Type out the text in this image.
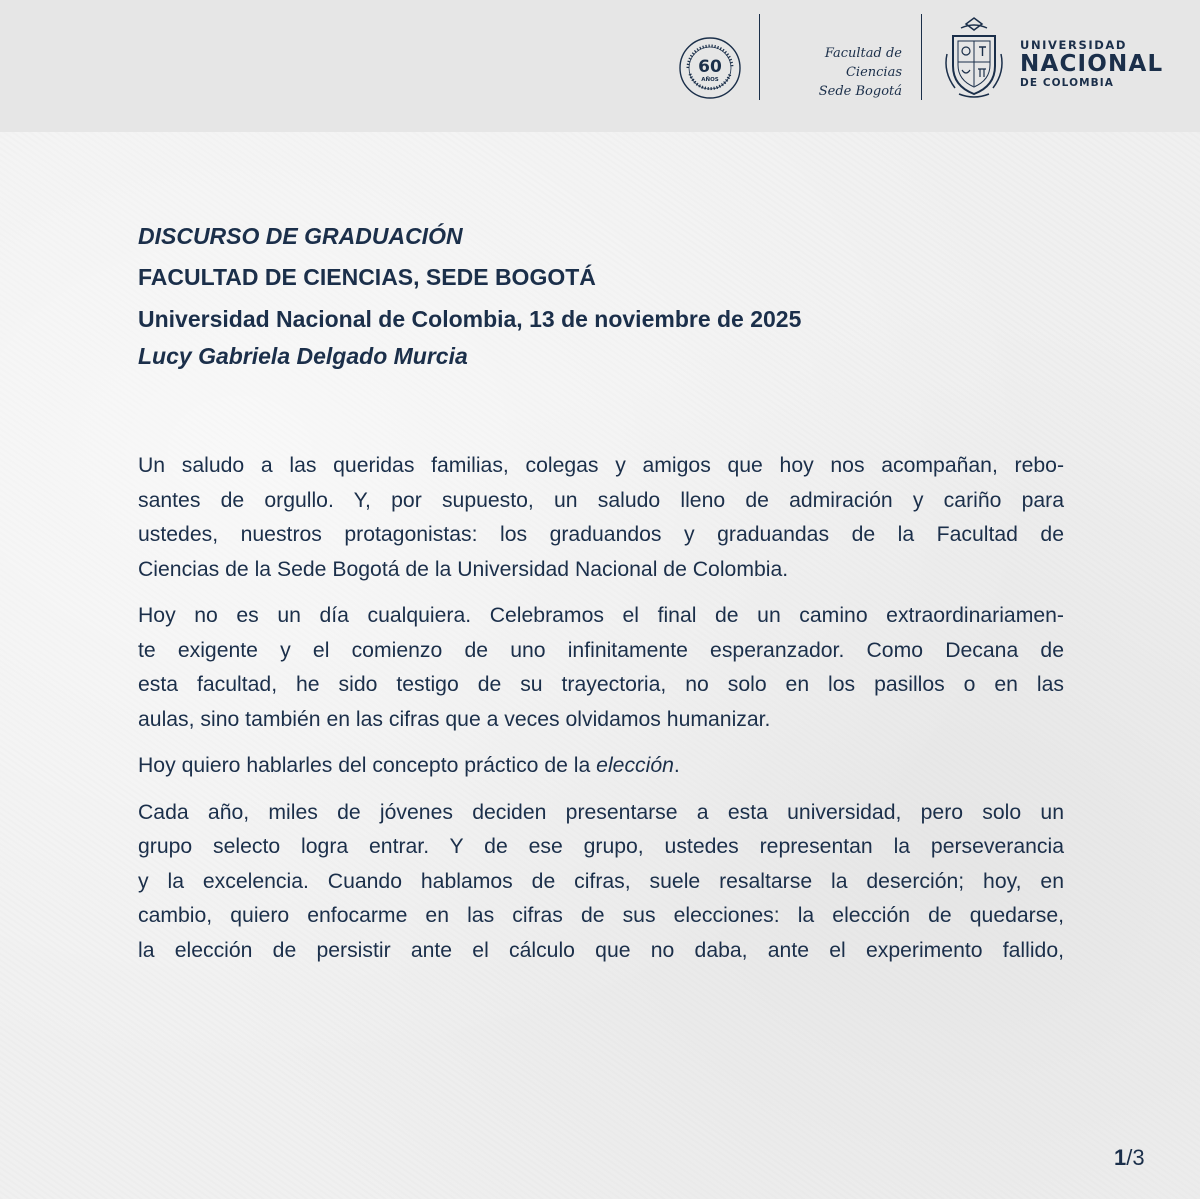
60
AÑOS
Facultad de Ciencias
Sede Bogotá
UNIVERSIDAD
NACIONAL
DE COLOMBIA
DISCURSO DE GRADUACIÓN
FACULTAD DE CIENCIAS, SEDE BOGOTÁ
Universidad Nacional de Colombia, 13 de noviembre de 2025
Lucy Gabriela Delgado Murcia

Un saludo a las queridas familias, colegas y amigos que hoy nos acompañan, rebo-
santes de orgullo. Y, por supuesto, un saludo lleno de admiración y cariño para
ustedes, nuestros protagonistas: los graduandos y graduandas de la Facultad de
Ciencias de la Sede Bogotá de la Universidad Nacional de Colombia.

Hoy no es un día cualquiera. Celebramos el final de un camino extraordinariamen-
te exigente y el comienzo de uno infinitamente esperanzador. Como Decana de
esta facultad, he sido testigo de su trayectoria, no solo en los pasillos o en las
aulas, sino también en las cifras que a veces olvidamos humanizar.

Hoy quiero hablarles del concepto práctico de la elección.

Cada año, miles de jóvenes deciden presentarse a esta universidad, pero solo un
grupo selecto logra entrar. Y de ese grupo, ustedes representan la perseverancia
y la excelencia. Cuando hablamos de cifras, suele resaltarse la deserción; hoy, en
cambio, quiero enfocarme en las cifras de sus elecciones: la elección de quedarse,
la elección de persistir ante el cálculo que no daba, ante el experimento fallido,

1/3
